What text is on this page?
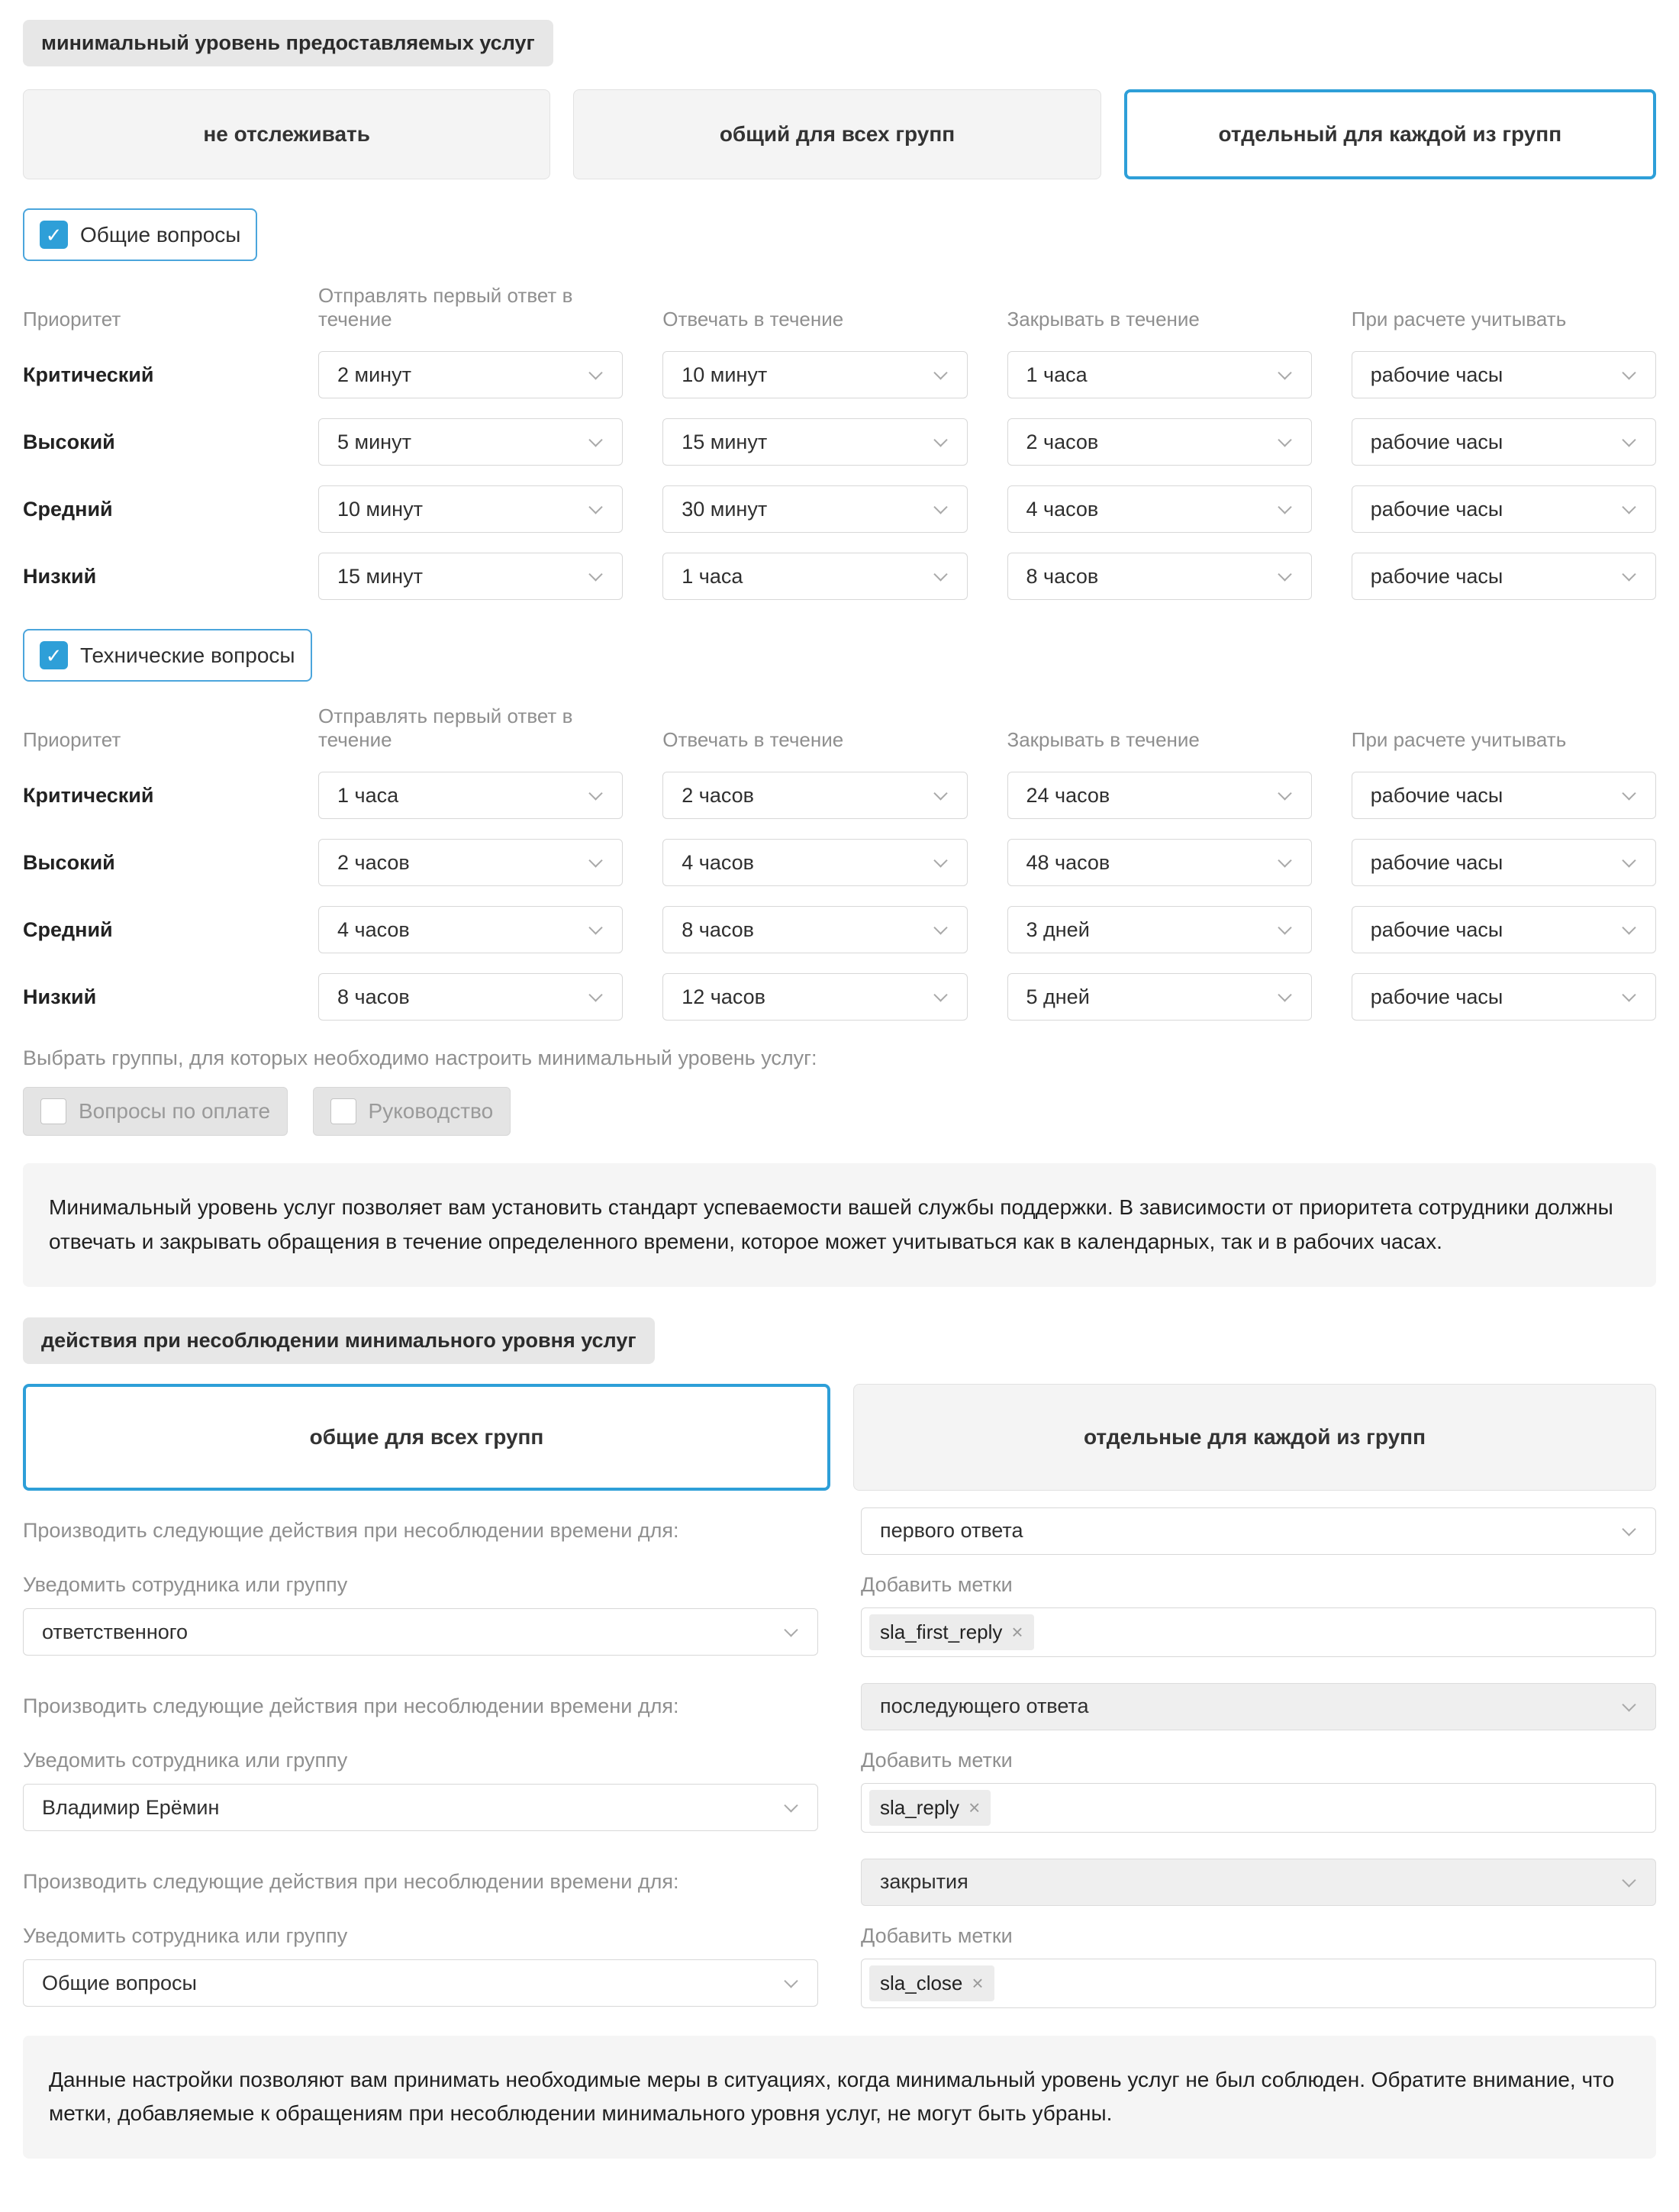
минимальный уровень предоставляемых услуг
не отслеживать	общий для всех групп	отдельный для каждой из групп
✓ Общие вопросы
Приоритет
Отправлять первый ответ в течение	Отвечать в течение	Закрывать в течение	При расчете учитывать
Критический	2 минут	10 минут	1 часа	рабочие часы
Высокий	5 минут	15 минут	2 часов	рабочие часы
Средний	10 минут	30 минут	4 часов	рабочие часы
Низкий	15 минут	1 часа	8 часов	рабочие часы
✓ Технические вопросы
Приоритет
Отправлять первый ответ в течение	Отвечать в течение	Закрывать в течение	При расчете учитывать
Критический	1 часа	2 часов	24 часов	рабочие часы
Высокий	2 часов	4 часов	48 часов	рабочие часы
Средний	4 часов	8 часов	3 дней	рабочие часы
Низкий	8 часов	12 часов	5 дней	рабочие часы
Выбрать группы, для которых необходимо настроить минимальный уровень услуг:
Вопросы по оплате
	Руководство
Минимальный уровень услуг позволяет вам установить стандарт успеваемости вашей службы поддержки. В зависимости от приоритета сотрудники должны отвечать и закрывать обращения в течение определенного времени, которое может учитываться как в календарных, так и в рабочих часах.
действия при несоблюдении минимального уровня услуг
общие для всех групп	отдельные для каждой из групп
Производить следующие действия при несоблюдении времени для:	первого ответа
Уведомить сотрудника или группу	Добавить метки
ответственного	sla_first_reply ×
Производить следующие действия при несоблюдении времени для:	последующего ответа
Уведомить сотрудника или группу	Добавить метки
Владимир Ерёмин	sla_reply ×
Производить следующие действия при несоблюдении времени для:	закрытия
Уведомить сотрудника или группу	Добавить метки
Общие вопросы	sla_close ×
Данные настройки позволяют вам принимать необходимые меры в ситуациях, когда минимальный уровень услуг не был соблюден. Обратите внимание, что метки, добавляемые к обращениям при несоблюдении минимального уровня услуг, не могут быть убраны.
